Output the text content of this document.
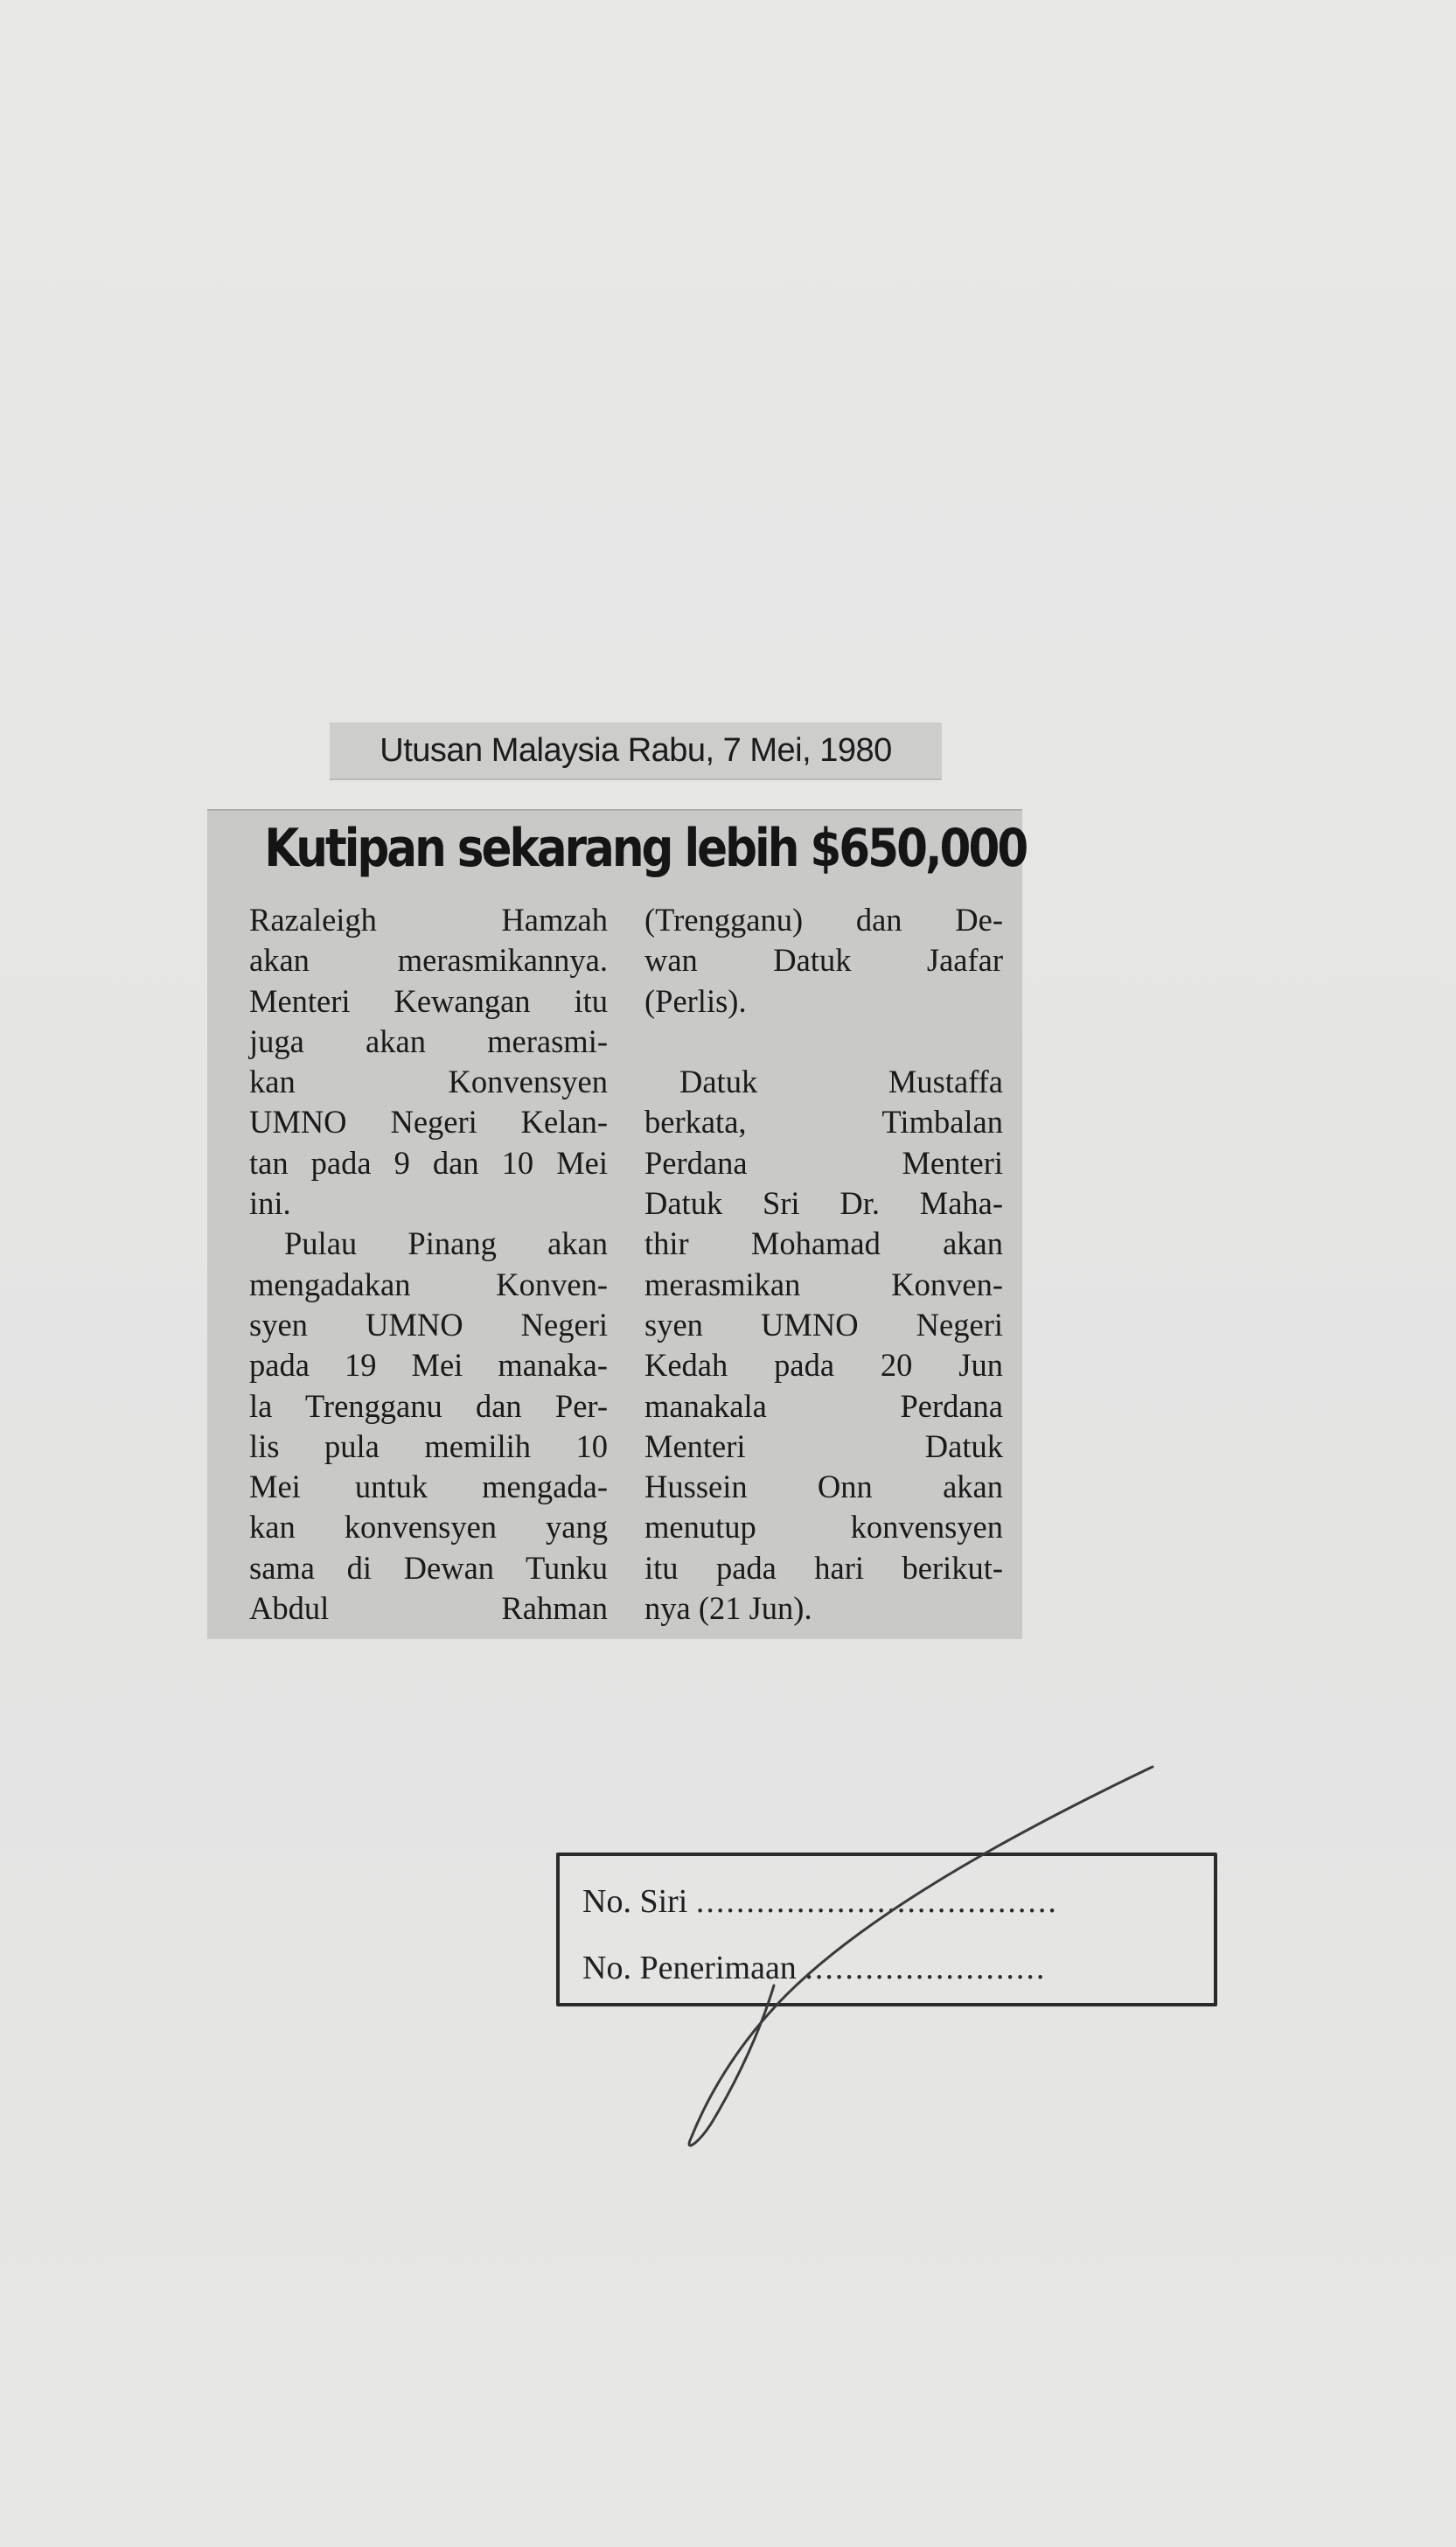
Utusan Malaysia Rabu, 7 Mei, 1980
Kutipan sekarang lebih $650,000
Razaleigh Hamzah
akan merasmikannya.
Menteri Kewangan itu
juga akan merasmi-
kan Konvensyen
UMNO Negeri Kelan-
tan pada 9 dan 10 Mei
ini.
Pulau Pinang akan
mengadakan Konven-
syen UMNO Negeri
pada 19 Mei manaka-
la Trengganu dan Per-
lis pula memilih 10
Mei untuk mengada-
kan konvensyen yang
sama di Dewan Tunku
Abdul Rahman
(Trengganu) dan De-
wan Datuk Jaafar
(Perlis).
Datuk Mustaffa
berkata, Timbalan
Perdana Menteri
Datuk Sri Dr. Maha-
thir Mohamad akan
merasmikan Konven-
syen UMNO Negeri
Kedah pada 20 Jun
manakala Perdana
Menteri Datuk
Hussein Onn akan
menutup konvensyen
itu pada hari berikut-
nya (21 Jun).
No. Siri ....................................
No. Penerimaan ........................
